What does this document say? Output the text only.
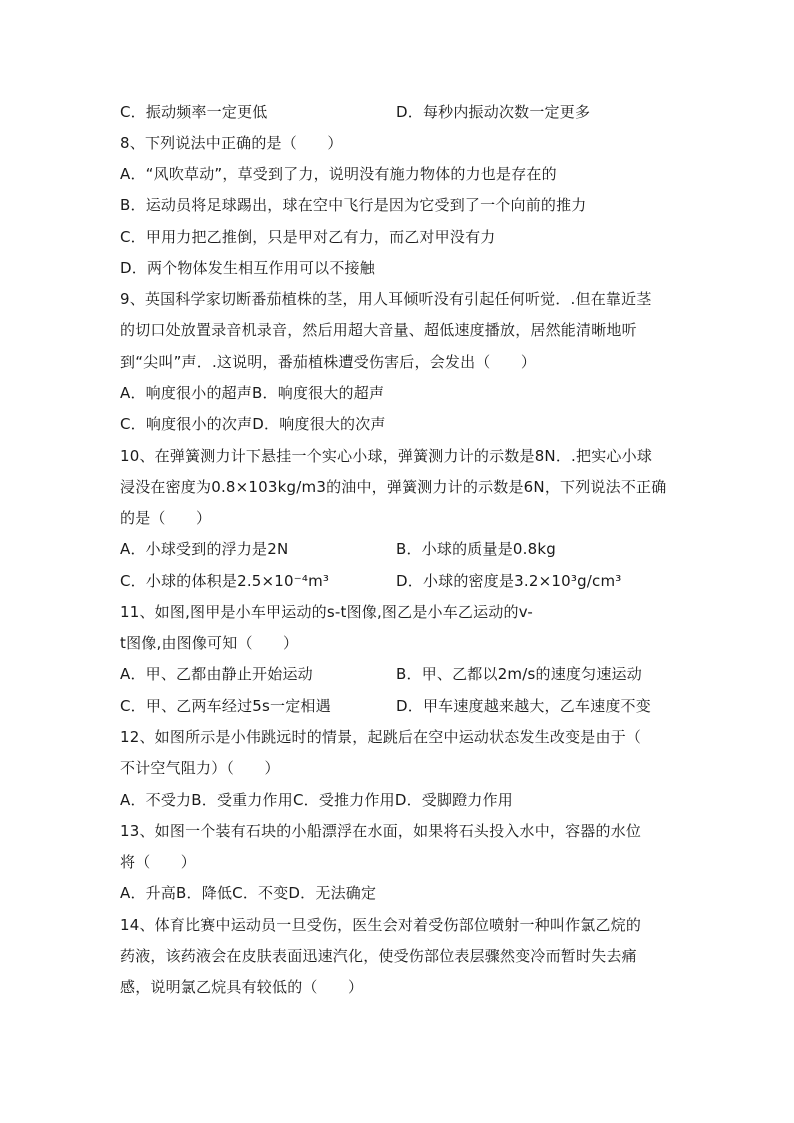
C．振动频率一定更低	D．每秒内振动次数一定更多
8、下列说法中正确的是（　　）
A．“风吹草动”，草受到了力，说明没有施力物体的力也是存在的
B．运动员将足球踢出，球在空中飞行是因为它受到了一个向前的推力
C．甲用力把乙推倒，只是甲对乙有力，而乙对甲没有力
D．两个物体发生相互作用可以不接触
9、英国科学家切断番茄植株的茎，用人耳倾听没有引起任何听觉．.但在靠近茎
的切口处放置录音机录音，然后用超大音量、超低速度播放，居然能清晰地听
到“尖叫”声．.这说明，番茄植株遭受伤害后，会发出（　　）
A．响度很小的超声B．响度很大的超声
C．响度很小的次声D．响度很大的次声
10、在弹簧测力计下悬挂一个实心小球，弹簧测力计的示数是8N．.把实心小球
浸没在密度为0.8×103kg/m3的油中，弹簧测力计的示数是6N，下列说法不正确
的是（　　）
A．小球受到的浮力是2N	B．小球的质量是0.8kg
C．小球的体积是2.5×10⁻⁴m³	D．小球的密度是3.2×10³g/cm³
11、如图,图甲是小车甲运动的s-t图像,图乙是小车乙运动的v-
t图像,由图像可知（　　）
A．甲、乙都由静止开始运动	B．甲、乙都以2m/s的速度匀速运动
C．甲、乙两车经过5s一定相遇	D．甲车速度越来越大，乙车速度不变
12、如图所示是小伟跳远时的情景，起跳后在空中运动状态发生改变是由于（
不计空气阻力）（　　）
A．不受力B．受重力作用C．受推力作用D．受脚蹬力作用
13、如图一个装有石块的小船漂浮在水面，如果将石头投入水中，容器的水位
将（　　）
A．升高B．降低C．不变D．无法确定
14、体育比赛中运动员一旦受伤，医生会对着受伤部位喷射一种叫作氯乙烷的
药液，该药液会在皮肤表面迅速汽化，使受伤部位表层骤然变冷而暂时失去痛
感，说明氯乙烷具有较低的（　　）
